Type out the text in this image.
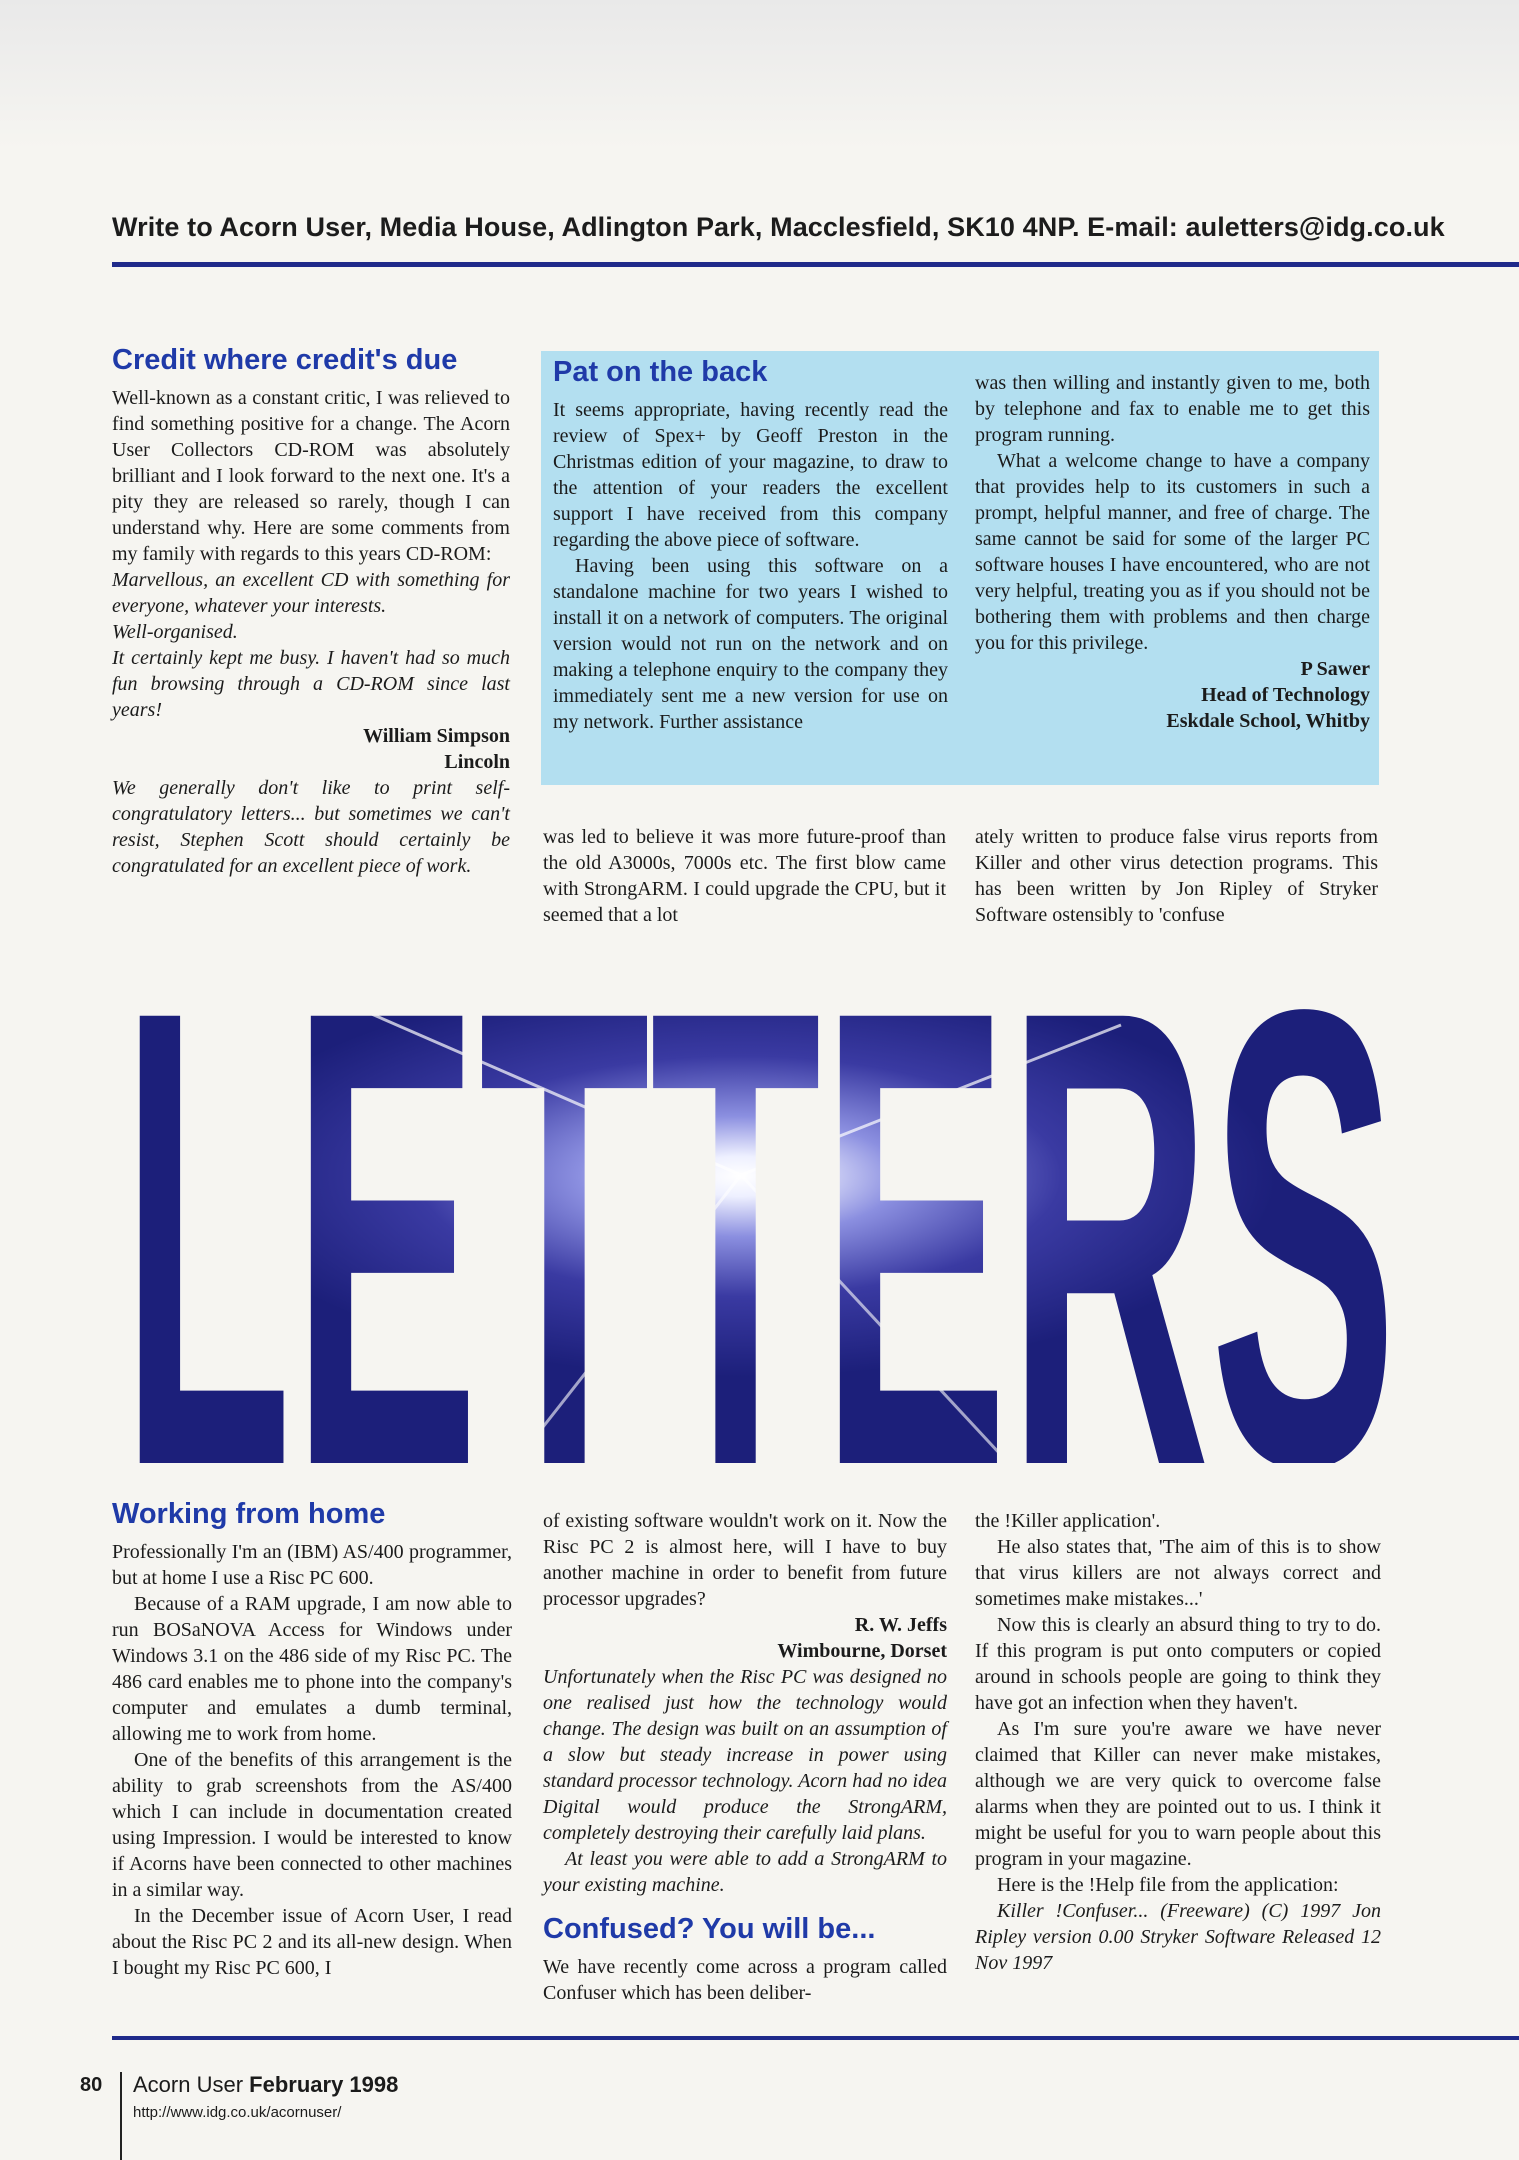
Write to Acorn User, Media House, Adlington Park, Macclesfield, SK10 4NP. E-mail: auletters@idg.co.uk
Credit where credit's due

Well-known as a constant critic, I was relieved to find something positive for a change. The Acorn User Collectors CD-ROM was absolutely brilliant and I look forward to the next one. It's a pity they are released so rarely, though I can understand why. Here are some comments from my family with regards to this years CD-ROM:

Marvellous, an excellent CD with something for everyone, whatever your interests.

Well-organised.

It certainly kept me busy. I haven't had so much fun browsing through a CD-ROM since last years!

William Simpson

Lincoln

We generally don't like to print self-congratulatory letters... but sometimes we can't resist, Stephen Scott should certainly be congratulated for an excellent piece of work.

Pat on the back

It seems appropriate, having recently read the review of Spex+ by Geoff Preston in the Christmas edition of your magazine, to draw to the attention of your readers the excellent support I have received from this company regarding the above piece of software.

Having been using this software on a standalone machine for two years I wished to install it on a network of computers. The original version would not run on the network and on making a telephone enquiry to the company they immediately sent me a new version for use on my network. Further assistance

was then willing and instantly given to me, both by telephone and fax to enable me to get this program running.

What a welcome change to have a company that provides help to its customers in such a prompt, helpful manner, and free of charge. The same cannot be said for some of the larger PC software houses I have encountered, who are not very helpful, treating you as if you should not be bothering them with problems and then charge you for this privilege.

P Sawer

Head of Technology

Eskdale School, Whitby

was led to believe it was more future-proof than the old A3000s, 7000s etc. The first blow came with StrongARM. I could upgrade the CPU, but it seemed that a lot
ately written to produce false virus reports from Killer and other virus detection programs. This has been written by Jon Ripley of Stryker Software ostensibly to 'confuse
Working from home

Professionally I'm an (IBM) AS/400 programmer, but at home I use a Risc PC 600.

Because of a RAM upgrade, I am now able to run BOSaNOVA Access for Windows under Windows 3.1 on the 486 side of my Risc PC. The 486 card enables me to phone into the company's computer and emulates a dumb terminal, allowing me to work from home.

One of the benefits of this arrangement is the ability to grab screenshots from the AS/400 which I can include in documentation created using Impression. I would be interested to know if Acorns have been connected to other machines in a similar way.

In the December issue of Acorn User, I read about the Risc PC 2 and its all-new design. When I bought my Risc PC 600, I

of existing software wouldn't work on it. Now the Risc PC 2 is almost here, will I have to buy another machine in order to benefit from future processor upgrades?

R. W. Jeffs

Wimbourne, Dorset

Unfortunately when the Risc PC was designed no one realised just how the technology would change. The design was built on an assumption of a slow but steady increase in power using standard processor technology. Acorn had no idea Digital would produce the StrongARM, completely destroying their carefully laid plans.

At least you were able to add a StrongARM to your existing machine.

Confused? You will be...

We have recently come across a program called Confuser which has been deliber-

the !Killer application'.

He also states that, 'The aim of this is to show that virus killers are not always correct and sometimes make mistakes...'

Now this is clearly an absurd thing to try to do. If this program is put onto computers or copied around in schools people are going to think they have got an infection when they haven't.

As I'm sure you're aware we have never claimed that Killer can never make mistakes, although we are very quick to overcome false alarms when they are pointed out to us. I think it might be useful for you to warn people about this program in your magazine.

Here is the !Help file from the application:

Killer !Confuser... (Freeware) (C) 1997 Jon Ripley version 0.00 Stryker Software Released 12 Nov 1997

80 Acorn User February 1998
http://www.idg.co.uk/acornuser/
